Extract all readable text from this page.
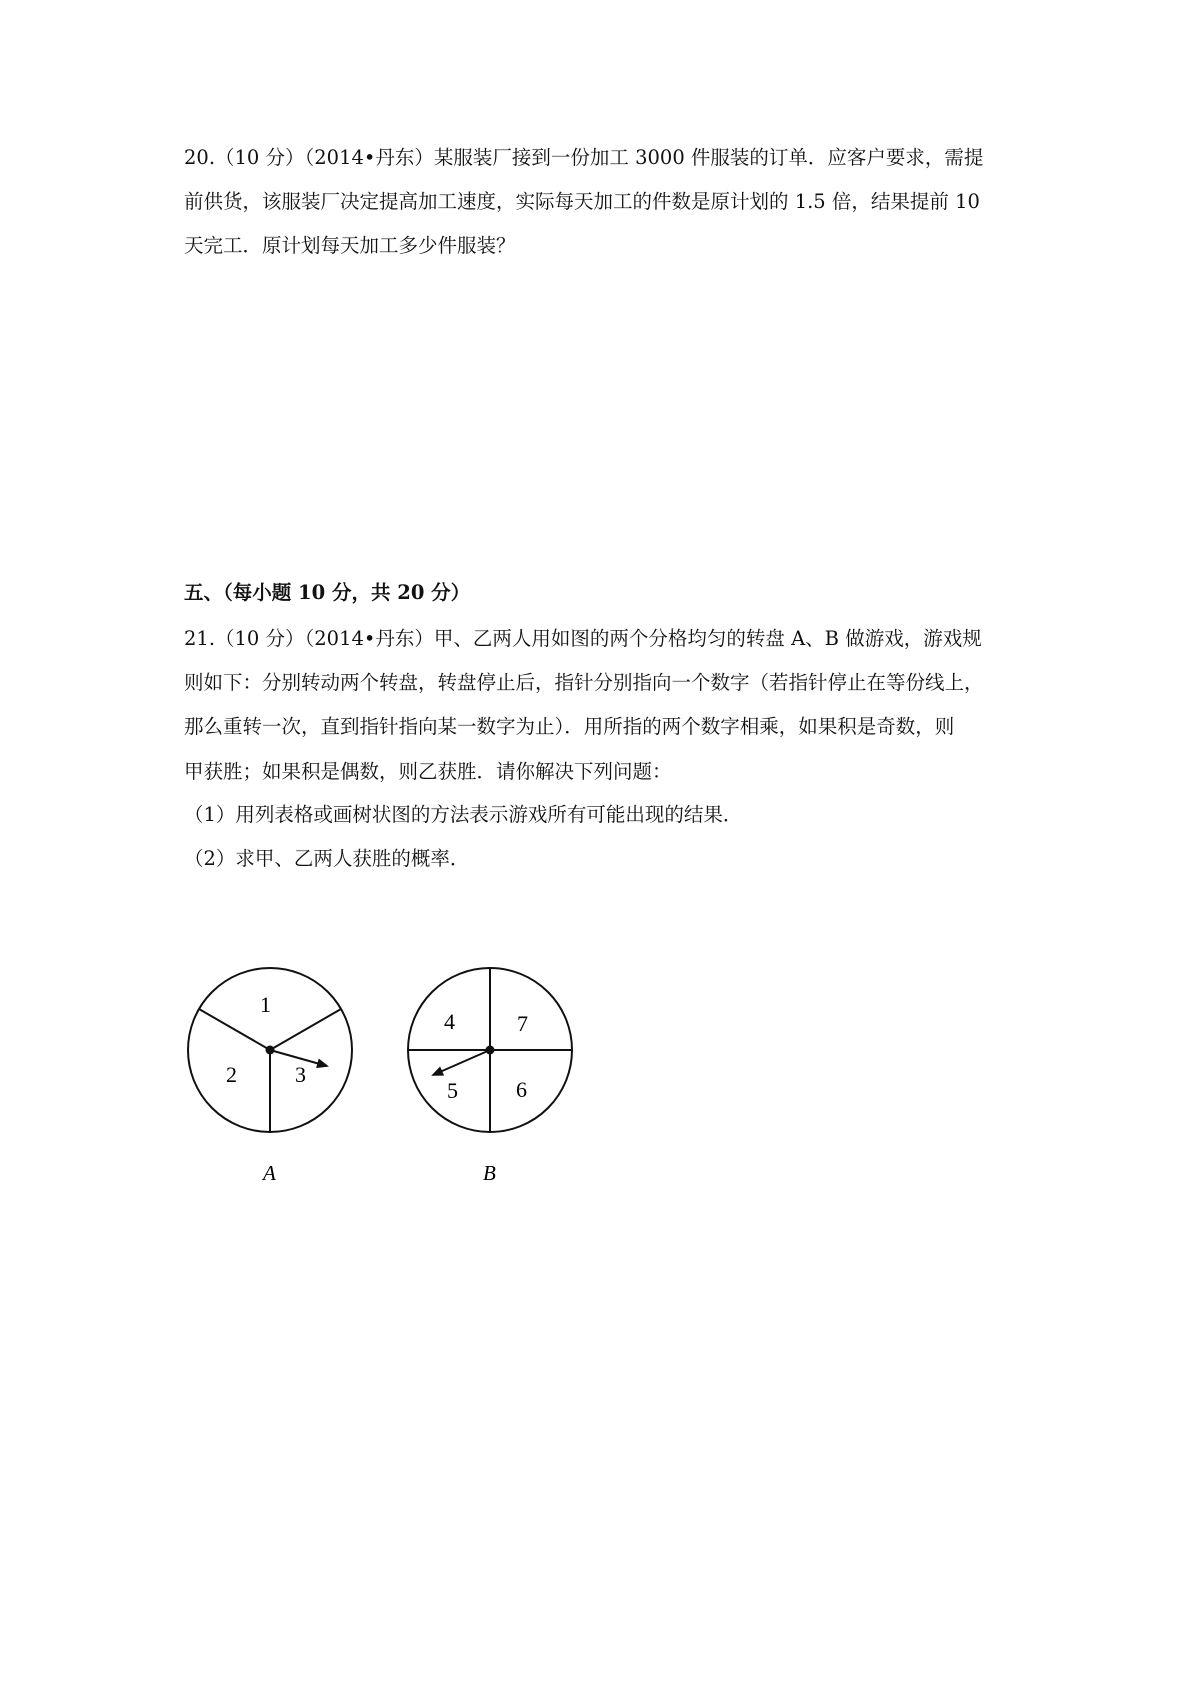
20.（10 分）（2014•丹东）某服装厂接到一份加工 3000 件服装的订单．应客户要求，需提
前供货，该服装厂决定提高加工速度，实际每天加工的件数是原计划的 1.5 倍，结果提前 10
天完工．原计划每天加工多少件服装？
五、（每小题 10 分，共 20 分）
21.（10 分）（2014•丹东）甲、乙两人用如图的两个分格均匀的转盘 A、B 做游戏，游戏规
则如下：分别转动两个转盘，转盘停止后，指针分别指向一个数字（若指针停止在等份线上，
那么重转一次，直到指针指向某一数字为止）．用所指的两个数字相乘，如果积是奇数，则
甲获胜；如果积是偶数，则乙获胜．请你解决下列问题：
（1）用列表格或画树状图的方法表示游戏所有可能出现的结果．
（2）求甲、乙两人获胜的概率．
1
2	3
A
4	7
5	6
B
